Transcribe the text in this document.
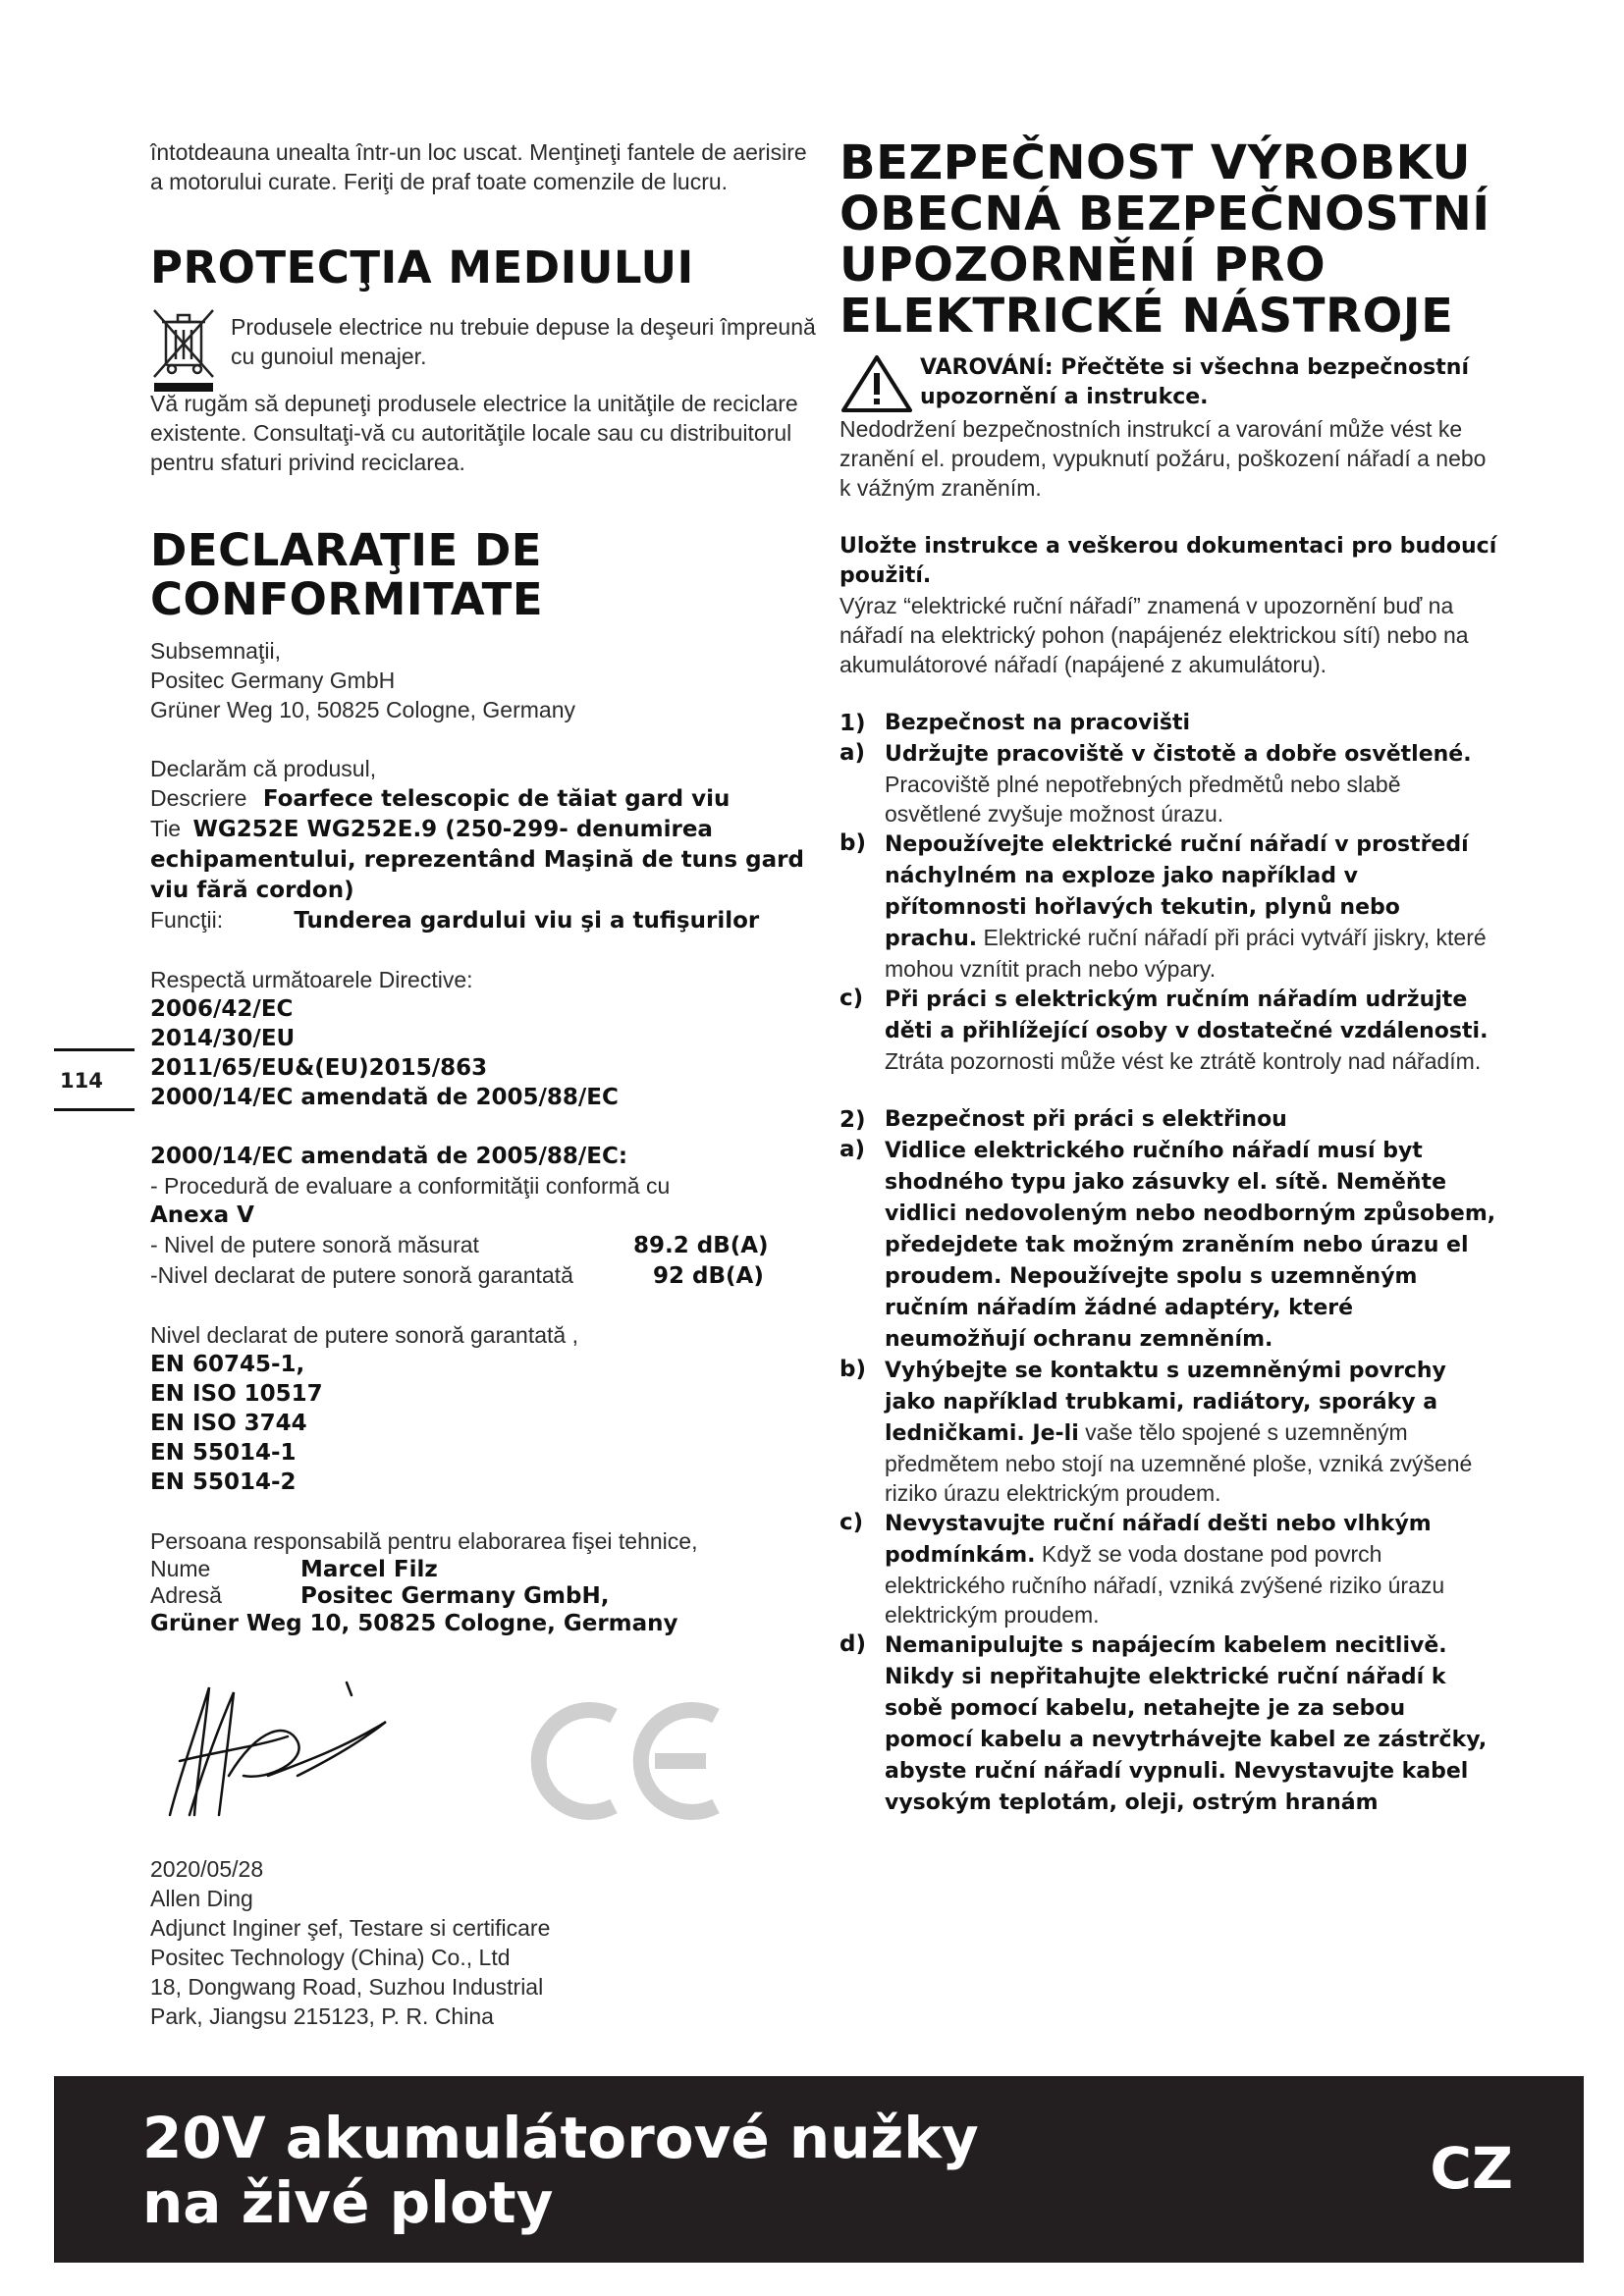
întotdeauna unealta într-un loc uscat. Menţineţi fantele de aerisire a motorului curate. Feriţi de praf toate comenzile de lucru.
PROTECŢIA MEDIULUI
Produsele electrice nu trebuie depuse la deşeuri împreună cu gunoiul menajer.
Vă rugăm să depuneţi produsele electrice la unităţile de reciclare existente. Consultaţi-vă cu autorităţile locale sau cu distribuitorul pentru sfaturi privind reciclarea.
DECLARAŢIE DE CONFORMITATE
Subsemnaţii,
Positec Germany GmbH
Grüner Weg 10, 50825 Cologne, Germany
Declarăm că produsul,
Descriere Foarfece telescopic de tăiat gard viu
Tie WG252E WG252E.9 (250-299- denumirea echipamentului, reprezentând Maşină de tuns gard viu fără cordon)
Funcţii:	Tunderea gardului viu şi a tufişurilor
Respectă următoarele Directive:
2006/42/EC
2014/30/EU
2011/65/EU&(EU)2015/863
2000/14/EC amendată de 2005/88/EC
2000/14/EC amendată de 2005/88/EC:
- Procedură de evaluare a conformităţii conformă cu
Anexa V
- Nivel de putere sonoră măsurat	89.2 dB(A)
-Nivel declarat de putere sonoră garantată	92 dB(A)
Nivel declarat de putere sonoră garantată ,
EN 60745-1,
EN ISO 10517
EN ISO 3744
EN 55014-1
EN 55014-2
Persoana responsabilă pentru elaborarea fişei tehnice,
Nume	Marcel Filz
Adresă	Positec Germany GmbH,
Grüner Weg 10, 50825 Cologne, Germany
2020/05/28
Allen Ding
Adjunct Inginer şef, Testare si certificare
Positec Technology (China) Co., Ltd
18, Dongwang Road, Suzhou Industrial
Park, Jiangsu 215123, P. R. China
114
BEZPEČNOST VÝROBKU OBECNÁ BEZPEČNOSTNÍ UPOZORNĚNÍ PRO ELEKTRICKÉ NÁSTROJE
VAROVÁNÍ: Přečtěte si všechna bezpečnostní upozornění a instrukce.
Nedodržení bezpečnostních instrukcí a varování může vést ke zranění el. proudem, vypuknutí požáru, poškození nářadí a nebo k vážným zraněním.
Uložte instrukce a veškerou dokumentaci pro budoucí použití.
Výraz “elektrické ruční nářadí” znamená v upozornění buď na nářadí na elektrický pohon (napájenéz elektrickou sítí) nebo na akumulátorové nářadí (napájené z akumulátoru).
1) Bezpečnost na pracovišti
a) Udržujte pracoviště v čistotě a dobře osvětlené. Pracoviště plné nepotřebných předmětů nebo slabě osvětlené zvyšuje možnost úrazu.
b) Nepoužívejte elektrické ruční nářadí v prostředí náchylném na exploze jako například v přítomnosti hořlavých tekutin, plynů nebo prachu. Elektrické ruční nářadí při práci vytváří jiskry, které mohou vznítit prach nebo výpary.
c) Při práci s elektrickým ručním nářadím udržujte děti a přihlížející osoby v dostatečné vzdálenosti. Ztráta pozornosti může vést ke ztrátě kontroly nad nářadím.
2) Bezpečnost při práci s elektřinou
a) Vidlice elektrického ručního nářadí musí byt shodného typu jako zásuvky el. sítě. Neměňte vidlici nedovoleným nebo neodborným způsobem, předejdete tak možným zraněním nebo úrazu el proudem. Nepoužívejte spolu s uzemněným ručním nářadím žádné adaptéry, které neumožňují ochranu zemněním.
b) Vyhýbejte se kontaktu s uzemněnými povrchy jako například trubkami, radiátory, sporáky a ledničkami. Je-li vaše tělo spojené s uzemněným předmětem nebo stojí na uzemněné ploše, vzniká zvýšené riziko úrazu elektrickým proudem.
c) Nevystavujte ruční nářadí dešti nebo vlhkým podmínkám. Když se voda dostane pod povrch elektrického ručního nářadí, vzniká zvýšené riziko úrazu elektrickým proudem.
d) Nemanipulujte s napájecím kabelem necitlivě. Nikdy si nepřitahujte elektrické ruční nářadí k sobě pomocí kabelu, netahejte je za sebou pomocí kabelu a nevytrhávejte kabel ze zástrčky, abyste ruční nářadí vypnuli. Nevystavujte kabel vysokým teplotám, oleji, ostrým hranám
20V akumulátorové nužky
na živé ploty
CZ
